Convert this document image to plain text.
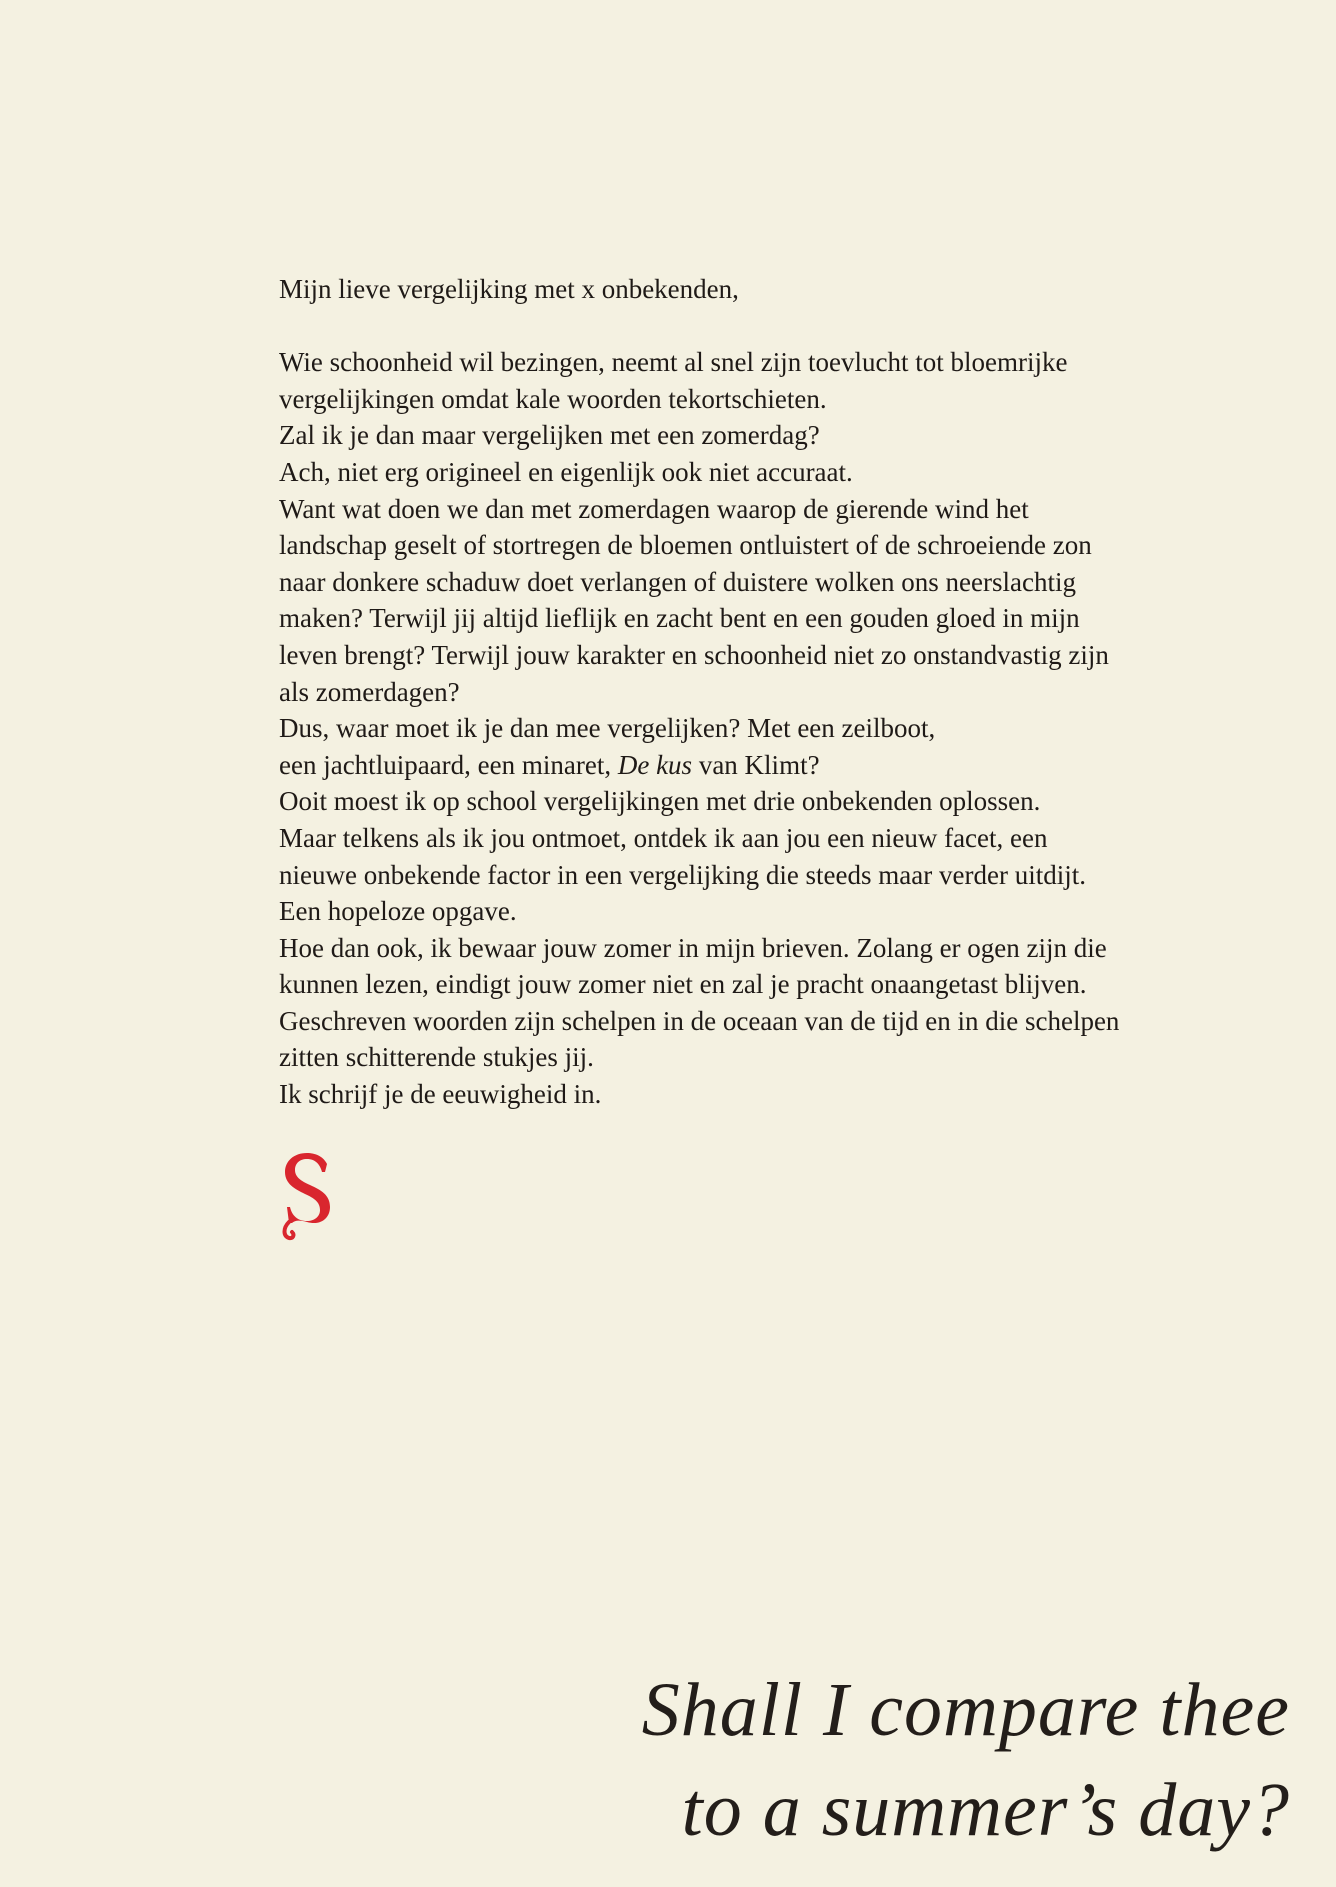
Mijn lieve vergelijking met x onbekenden,

Wie schoonheid wil bezingen, neemt al snel zijn toevlucht tot bloemrijke

vergelijkingen omdat kale woorden tekortschieten.

Zal ik je dan maar vergelijken met een zomerdag?

Ach, niet erg origineel en eigenlijk ook niet accuraat.

Want wat doen we dan met zomerdagen waarop de gierende wind het

landschap geselt of stortregen de bloemen ontluistert of de schroeiende zon

naar donkere schaduw doet verlangen of duistere wolken ons neerslachtig

maken? Terwijl jij altijd lieflijk en zacht bent en een gouden gloed in mijn

leven brengt? Terwijl jouw karakter en schoonheid niet zo onstandvastig zijn

als zomerdagen?

Dus, waar moet ik je dan mee vergelijken? Met een zeilboot,

een jachtluipaard, een minaret, De kus van Klimt?

Ooit moest ik op school vergelijkingen met drie onbekenden oplossen.

Maar telkens als ik jou ontmoet, ontdek ik aan jou een nieuw facet, een

nieuwe onbekende factor in een vergelijking die steeds maar verder uitdijt.

Een hopeloze opgave.

Hoe dan ook, ik bewaar jouw zomer in mijn brieven. Zolang er ogen zijn die

kunnen lezen, eindigt jouw zomer niet en zal je pracht onaangetast blijven.

Geschreven woorden zijn schelpen in de oceaan van de tijd en in die schelpen

zitten schitterende stukjes jij.

Ik schrijf je de eeuwigheid in.

Shall I compare thee
to a summer’s day?
